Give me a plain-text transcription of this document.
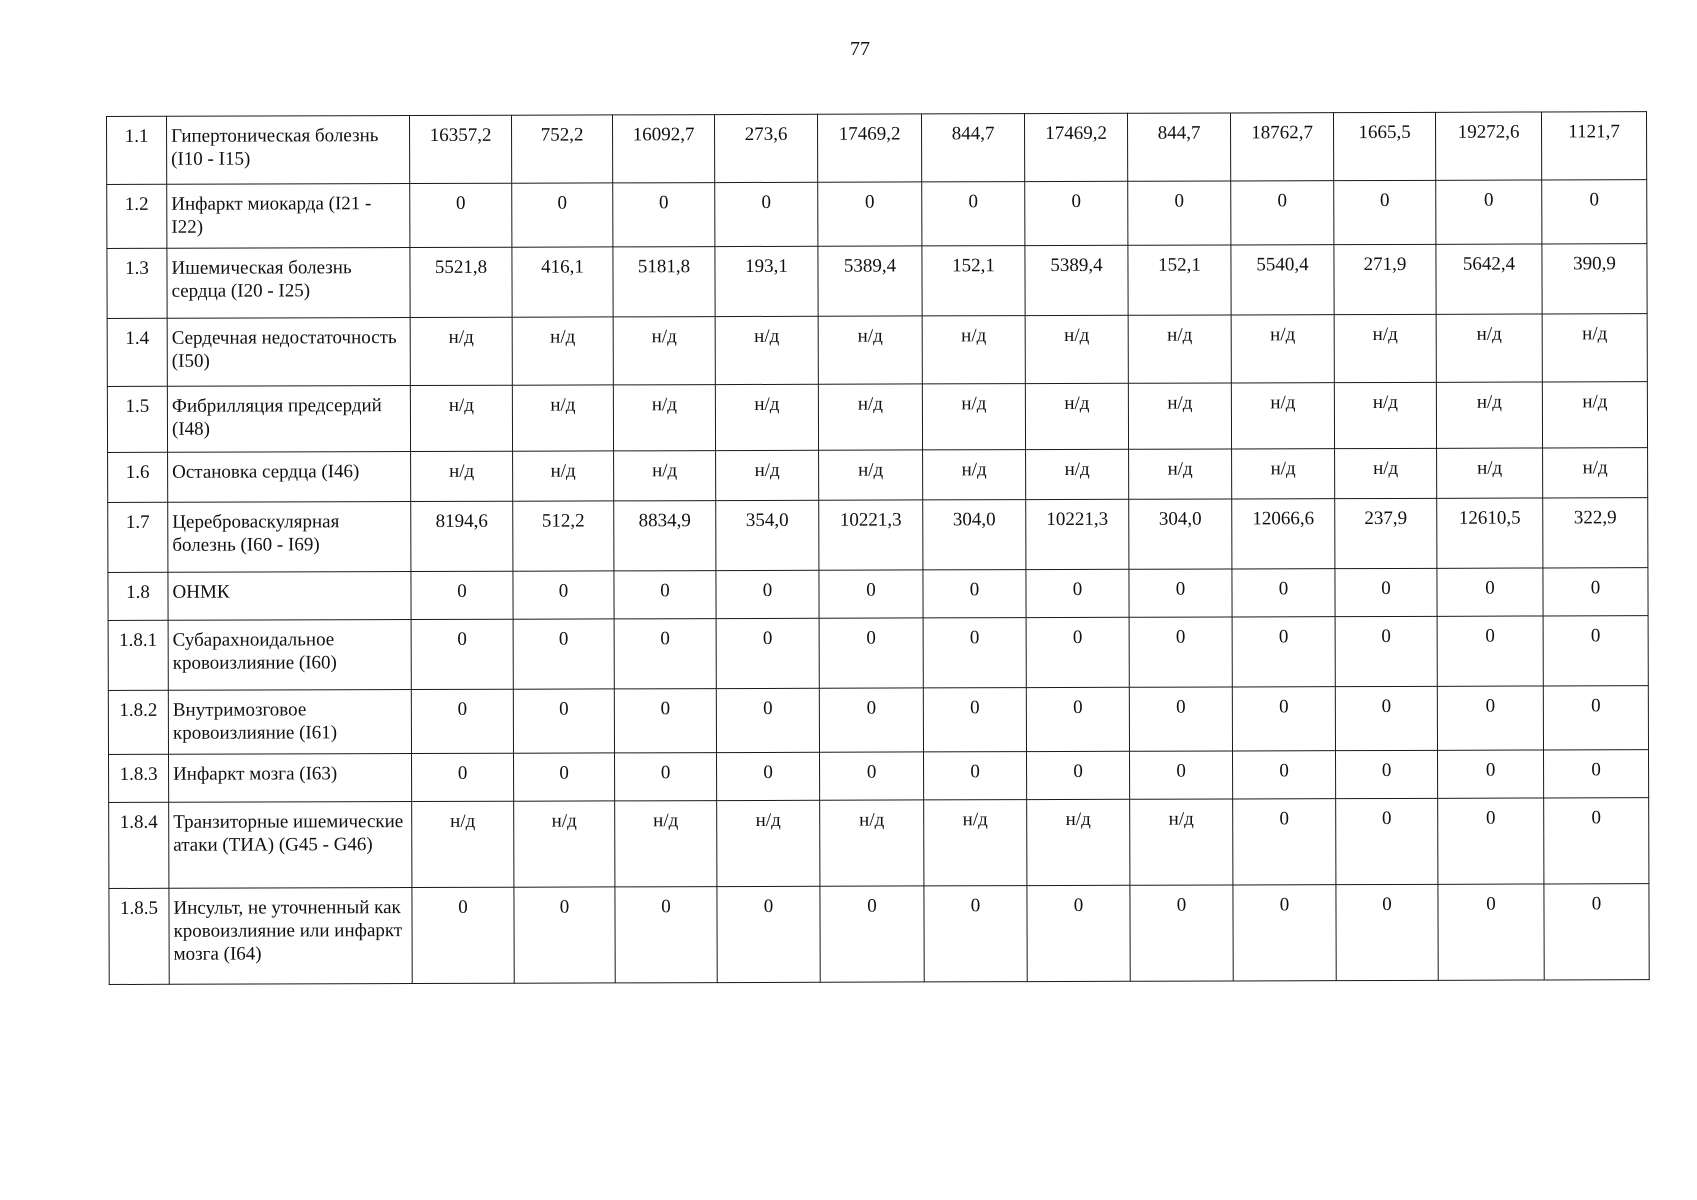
77
1.1	Гипертоническая болезнь (I10 - I15)	16357,2	752,2	16092,7	273,6	17469,2	844,7	17469,2	844,7	18762,7	1665,5	19272,6	1121,7
1.2	Инфаркт миокарда (I21 - I22)	0	0	0	0	0	0	0	0	0	0	0	0
1.3	Ишемическая болезнь сердца (I20 - I25)	5521,8	416,1	5181,8	193,1	5389,4	152,1	5389,4	152,1	5540,4	271,9	5642,4	390,9
1.4	Сердечная недостаточность (I50)	н/д	н/д	н/д	н/д	н/д	н/д	н/д	н/д	н/д	н/д	н/д	н/д
1.5	Фибрилляция предсердий (I48)	н/д	н/д	н/д	н/д	н/д	н/д	н/д	н/д	н/д	н/д	н/д	н/д
1.6	Остановка сердца (I46)	н/д	н/д	н/д	н/д	н/д	н/д	н/д	н/д	н/д	н/д	н/д	н/д
1.7	Цереброваскулярная болезнь (I60 - I69)	8194,6	512,2	8834,9	354,0	10221,3	304,0	10221,3	304,0	12066,6	237,9	12610,5	322,9
1.8	ОНМК	0	0	0	0	0	0	0	0	0	0	0	0
1.8.1	Субарахноидальное кровоизлияние (I60)	0	0	0	0	0	0	0	0	0	0	0	0
1.8.2	Внутримозговое кровоизлияние (I61)	0	0	0	0	0	0	0	0	0	0	0	0
1.8.3	Инфаркт мозга (I63)	0	0	0	0	0	0	0	0	0	0	0	0
1.8.4	Транзиторные ишемические атаки (ТИА) (G45 - G46)	н/д	н/д	н/д	н/д	н/д	н/д	н/д	н/д	0	0	0	0
1.8.5	Инсульт, не уточненный как кровоизлияние или инфаркт мозга (I64)	0	0	0	0	0	0	0	0	0	0	0	0
